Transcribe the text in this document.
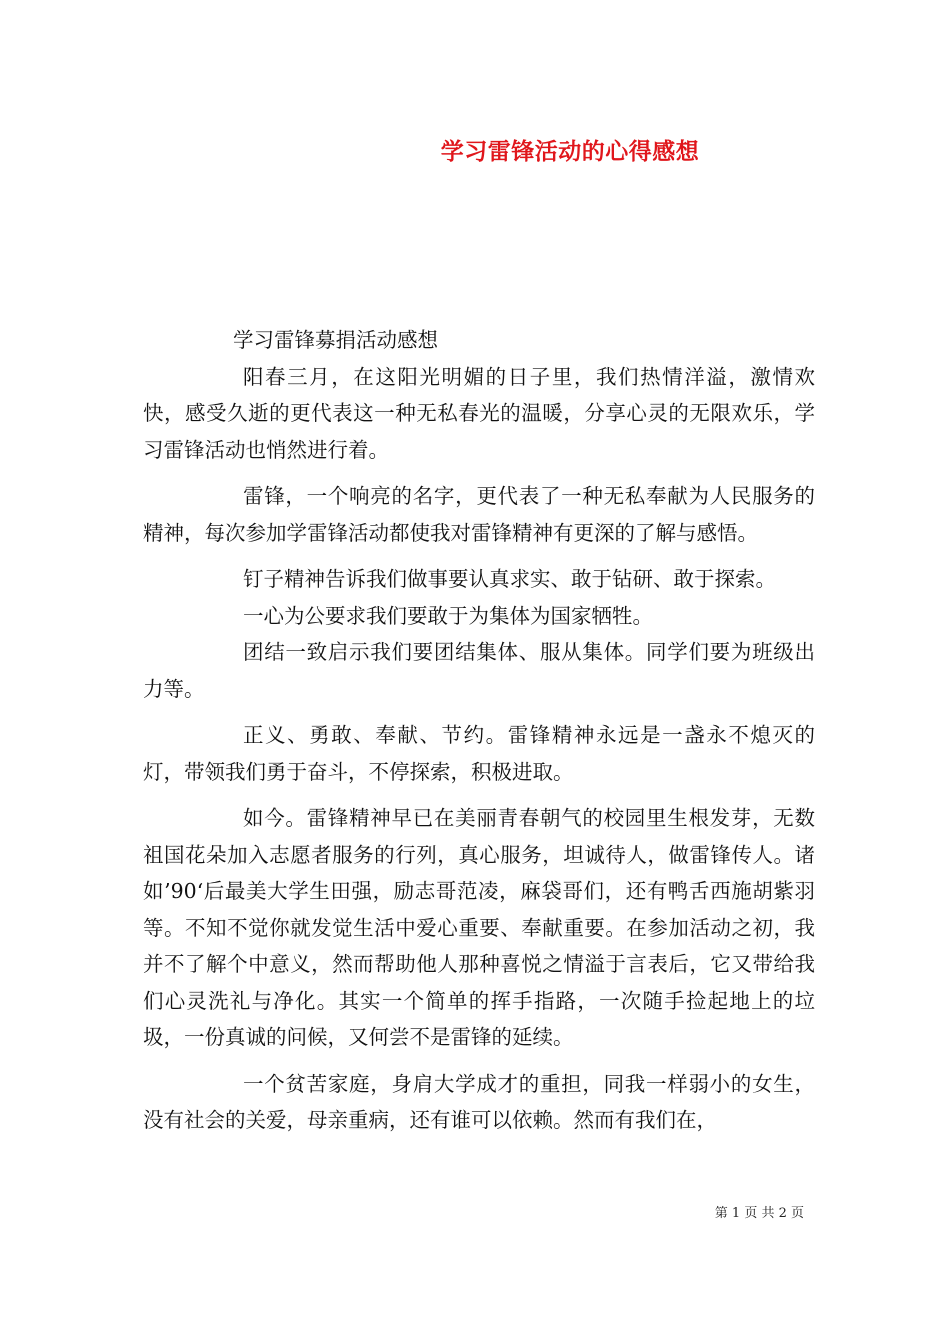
学习雷锋活动的心得感想

学习雷锋募捐活动感想

阳春三月，在这阳光明媚的日子里，我们热情洋溢，激情欢快，感受久逝的更代表这一种无私春光的温暖，分享心灵的无限欢乐，学习雷锋活动也悄然进行着。

雷锋，一个响亮的名字，更代表了一种无私奉献为人民服务的精神，每次参加学雷锋活动都使我对雷锋精神有更深的了解与感悟。

钉子精神告诉我们做事要认真求实、敢于钻研、敢于探索。

一心为公要求我们要敢于为集体为国家牺牲。

团结一致启示我们要团结集体、服从集体。同学们要为班级出力等。

正义、勇敢、奉献、节约。雷锋精神永远是一盏永不熄灭的灯，带领我们勇于奋斗，不停探索，积极进取。

如今。雷锋精神早已在美丽青春朝气的校园里生根发芽，无数祖国花朵加入志愿者服务的行列，真心服务，坦诚待人，做雷锋传人。诸如’90‘后最美大学生田强，励志哥范凌，麻袋哥们，还有鸭舌西施胡紫羽等。不知不觉你就发觉生活中爱心重要、奉献重要。在参加活动之初，我并不了解个中意义，然而帮助他人那种喜悦之情溢于言表后，它又带给我们心灵洗礼与净化。其实一个简单的挥手指路，一次随手捡起地上的垃圾，一份真诚的问候，又何尝不是雷锋的延续。

一个贫苦家庭，身肩大学成才的重担，同我一样弱小的女生，没有社会的关爱，母亲重病，还有谁可以依赖。然而有我们在，

第 1 页 共 2 页
